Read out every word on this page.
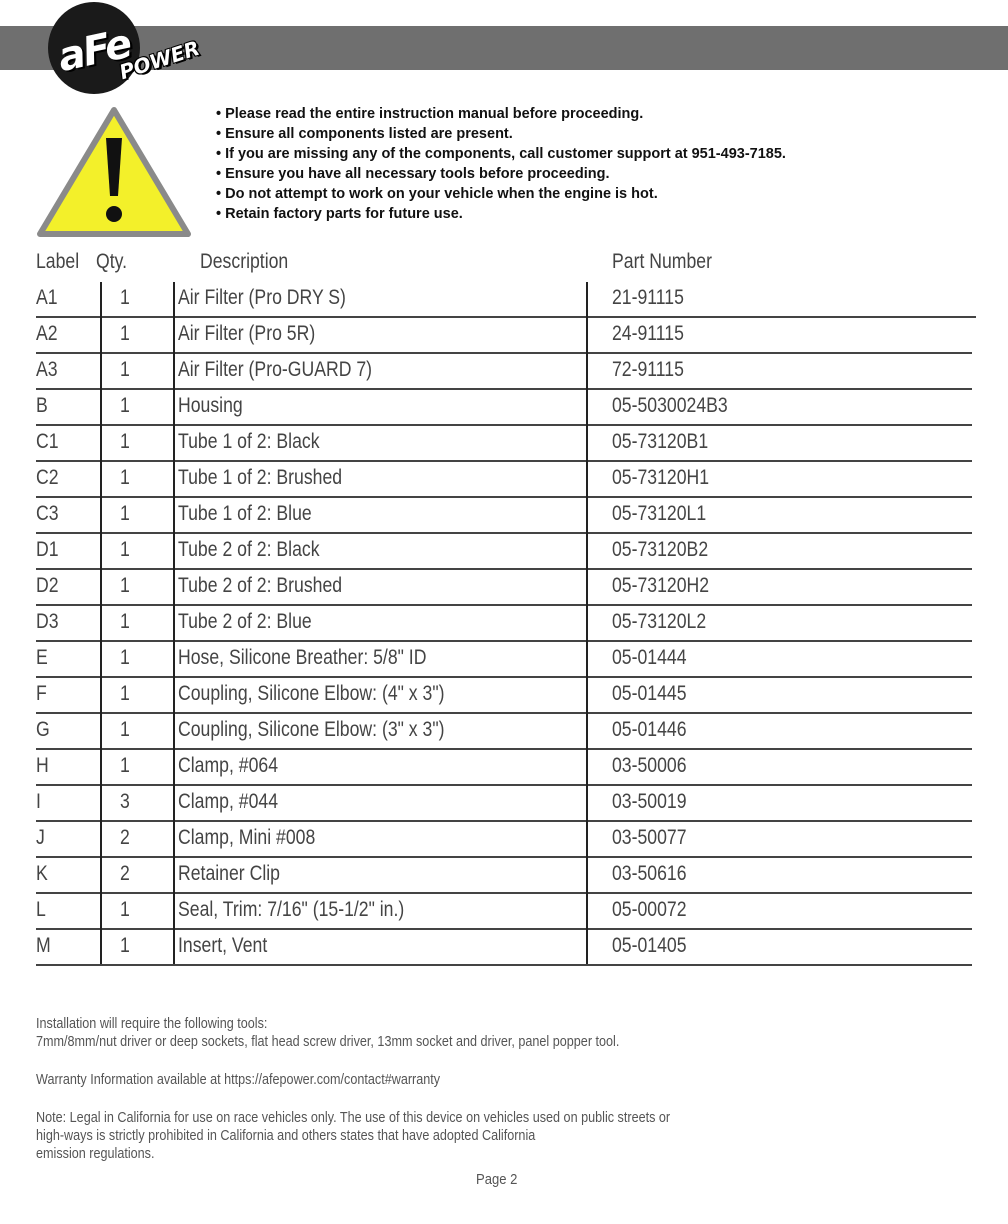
aFe
POWER
• Please read the entire instruction manual before proceeding.
• Ensure all components listed are present.
• If you are missing any of the components, call customer support at 951-493-7185.
• Ensure you have all necessary tools before proceeding.
• Do not attempt to work on your vehicle when the engine is hot.
• Retain factory parts for future use.
Label Qty.	Description	Part Number
A1	1 Air Filter (Pro DRY S)	21-91115
A2	1 Air Filter (Pro 5R)	24-91115
A3	1 Air Filter (Pro-GUARD 7)	72-91115
B	1 Housing	05-5030024B3
C1	1 Tube 1 of 2: Black	05-73120B1
C2	1 Tube 1 of 2: Brushed	05-73120H1
C3	1 Tube 1 of 2: Blue	05-73120L1
D1	1 Tube 2 of 2: Black	05-73120B2
D2	1 Tube 2 of 2: Brushed	05-73120H2
D3	1 Tube 2 of 2: Blue	05-73120L2
E	1 Hose, Silicone Breather: 5/8" ID	05-01444
F	1 Coupling, Silicone Elbow: (4" x 3")	05-01445
G	1 Coupling, Silicone Elbow: (3" x 3")	05-01446
H	1 Clamp, #064	03-50006
I	3 Clamp, #044	03-50019
J	2 Clamp, Mini #008	03-50077
K	2 Retainer Clip	03-50616
L	1 Seal, Trim: 7/16" (15-1/2" in.)	05-00072
M	1 Insert, Vent	05-01405
Installation will require the following tools:
7mm/8mm/nut driver or deep sockets, flat head screw driver, 13mm socket and driver, panel popper tool.
Warranty Information available at https://afepower.com/contact#warranty
Note: Legal in California for use on race vehicles only. The use of this device on vehicles used on public streets or
high-ways is strictly prohibited in California and others states that have adopted California
emission regulations.
Page 2
